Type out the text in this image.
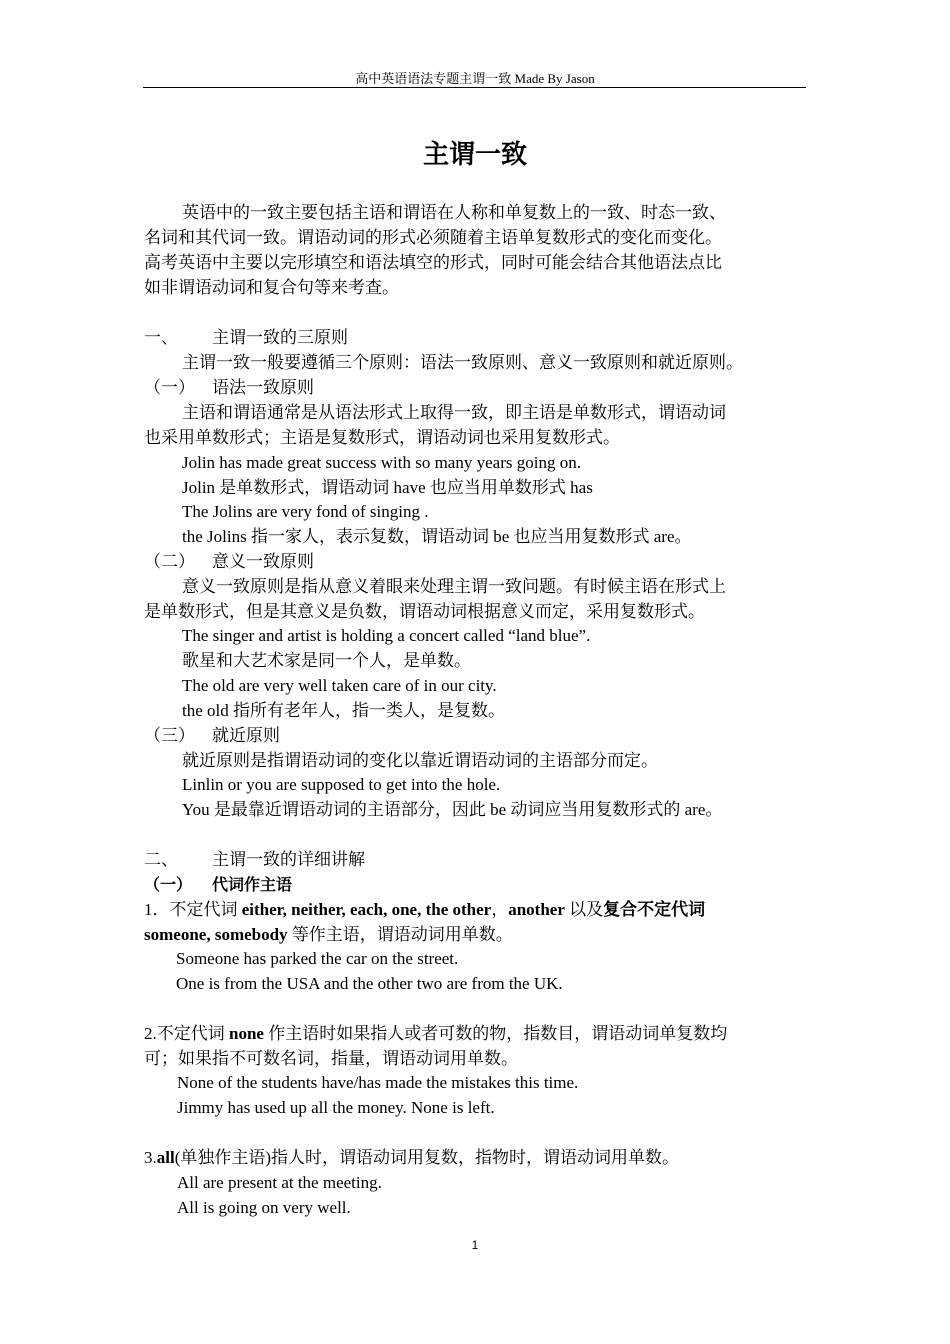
高中英语语法专题主谓一致 Made By Jason
主谓一致
英语中的一致主要包括主语和谓语在人称和单复数上的一致、时态一致、
名词和其代词一致。谓语动词的形式必须随着主语单复数形式的变化而变化。
高考英语中主要以完形填空和语法填空的形式，同时可能会结合其他语法点比
如非谓语动词和复合句等来考查。
一、 主谓一致的三原则
主谓一致一般要遵循三个原则：语法一致原则、意义一致原则和就近原则。
（一） 语法一致原则
主语和谓语通常是从语法形式上取得一致，即主语是单数形式，谓语动词
也采用单数形式；主语是复数形式，谓语动词也采用复数形式。
Jolin has made great success with so many years going on.
Jolin 是单数形式，谓语动词 have 也应当用单数形式 has
The Jolins are very fond of singing .
the Jolins 指一家人，表示复数，谓语动词 be 也应当用复数形式 are。
（二） 意义一致原则
意义一致原则是指从意义着眼来处理主谓一致问题。有时候主语在形式上
是单数形式，但是其意义是负数，谓语动词根据意义而定，采用复数形式。
The singer and artist is holding a concert called “land blue”.
歌星和大艺术家是同一个人，是单数。
The old are very well taken care of in our city.
the old 指所有老年人，指一类人，是复数。
（三） 就近原则
就近原则是指谓语动词的变化以靠近谓语动词的主语部分而定。
Linlin or you are supposed to get into the hole.
You 是最靠近谓语动词的主语部分，因此 be 动词应当用复数形式的 are。
二、 主谓一致的详细讲解
（一） 代词作主语
1．不定代词 either, neither, each, one, the other，another 以及复合不定代词
someone, somebody 等作主语，谓语动词用单数。
Someone has parked the car on the street.
One is from the USA and the other two are from the UK.
2.不定代词 none 作主语时如果指人或者可数的物，指数目，谓语动词单复数均
可；如果指不可数名词，指量，谓语动词用单数。
None of the students have/has made the mistakes this time.
Jimmy has used up all the money. None is left.
3.all(单独作主语)指人时，谓语动词用复数，指物时，谓语动词用单数。
All are present at the meeting.
All is going on very well.
1
